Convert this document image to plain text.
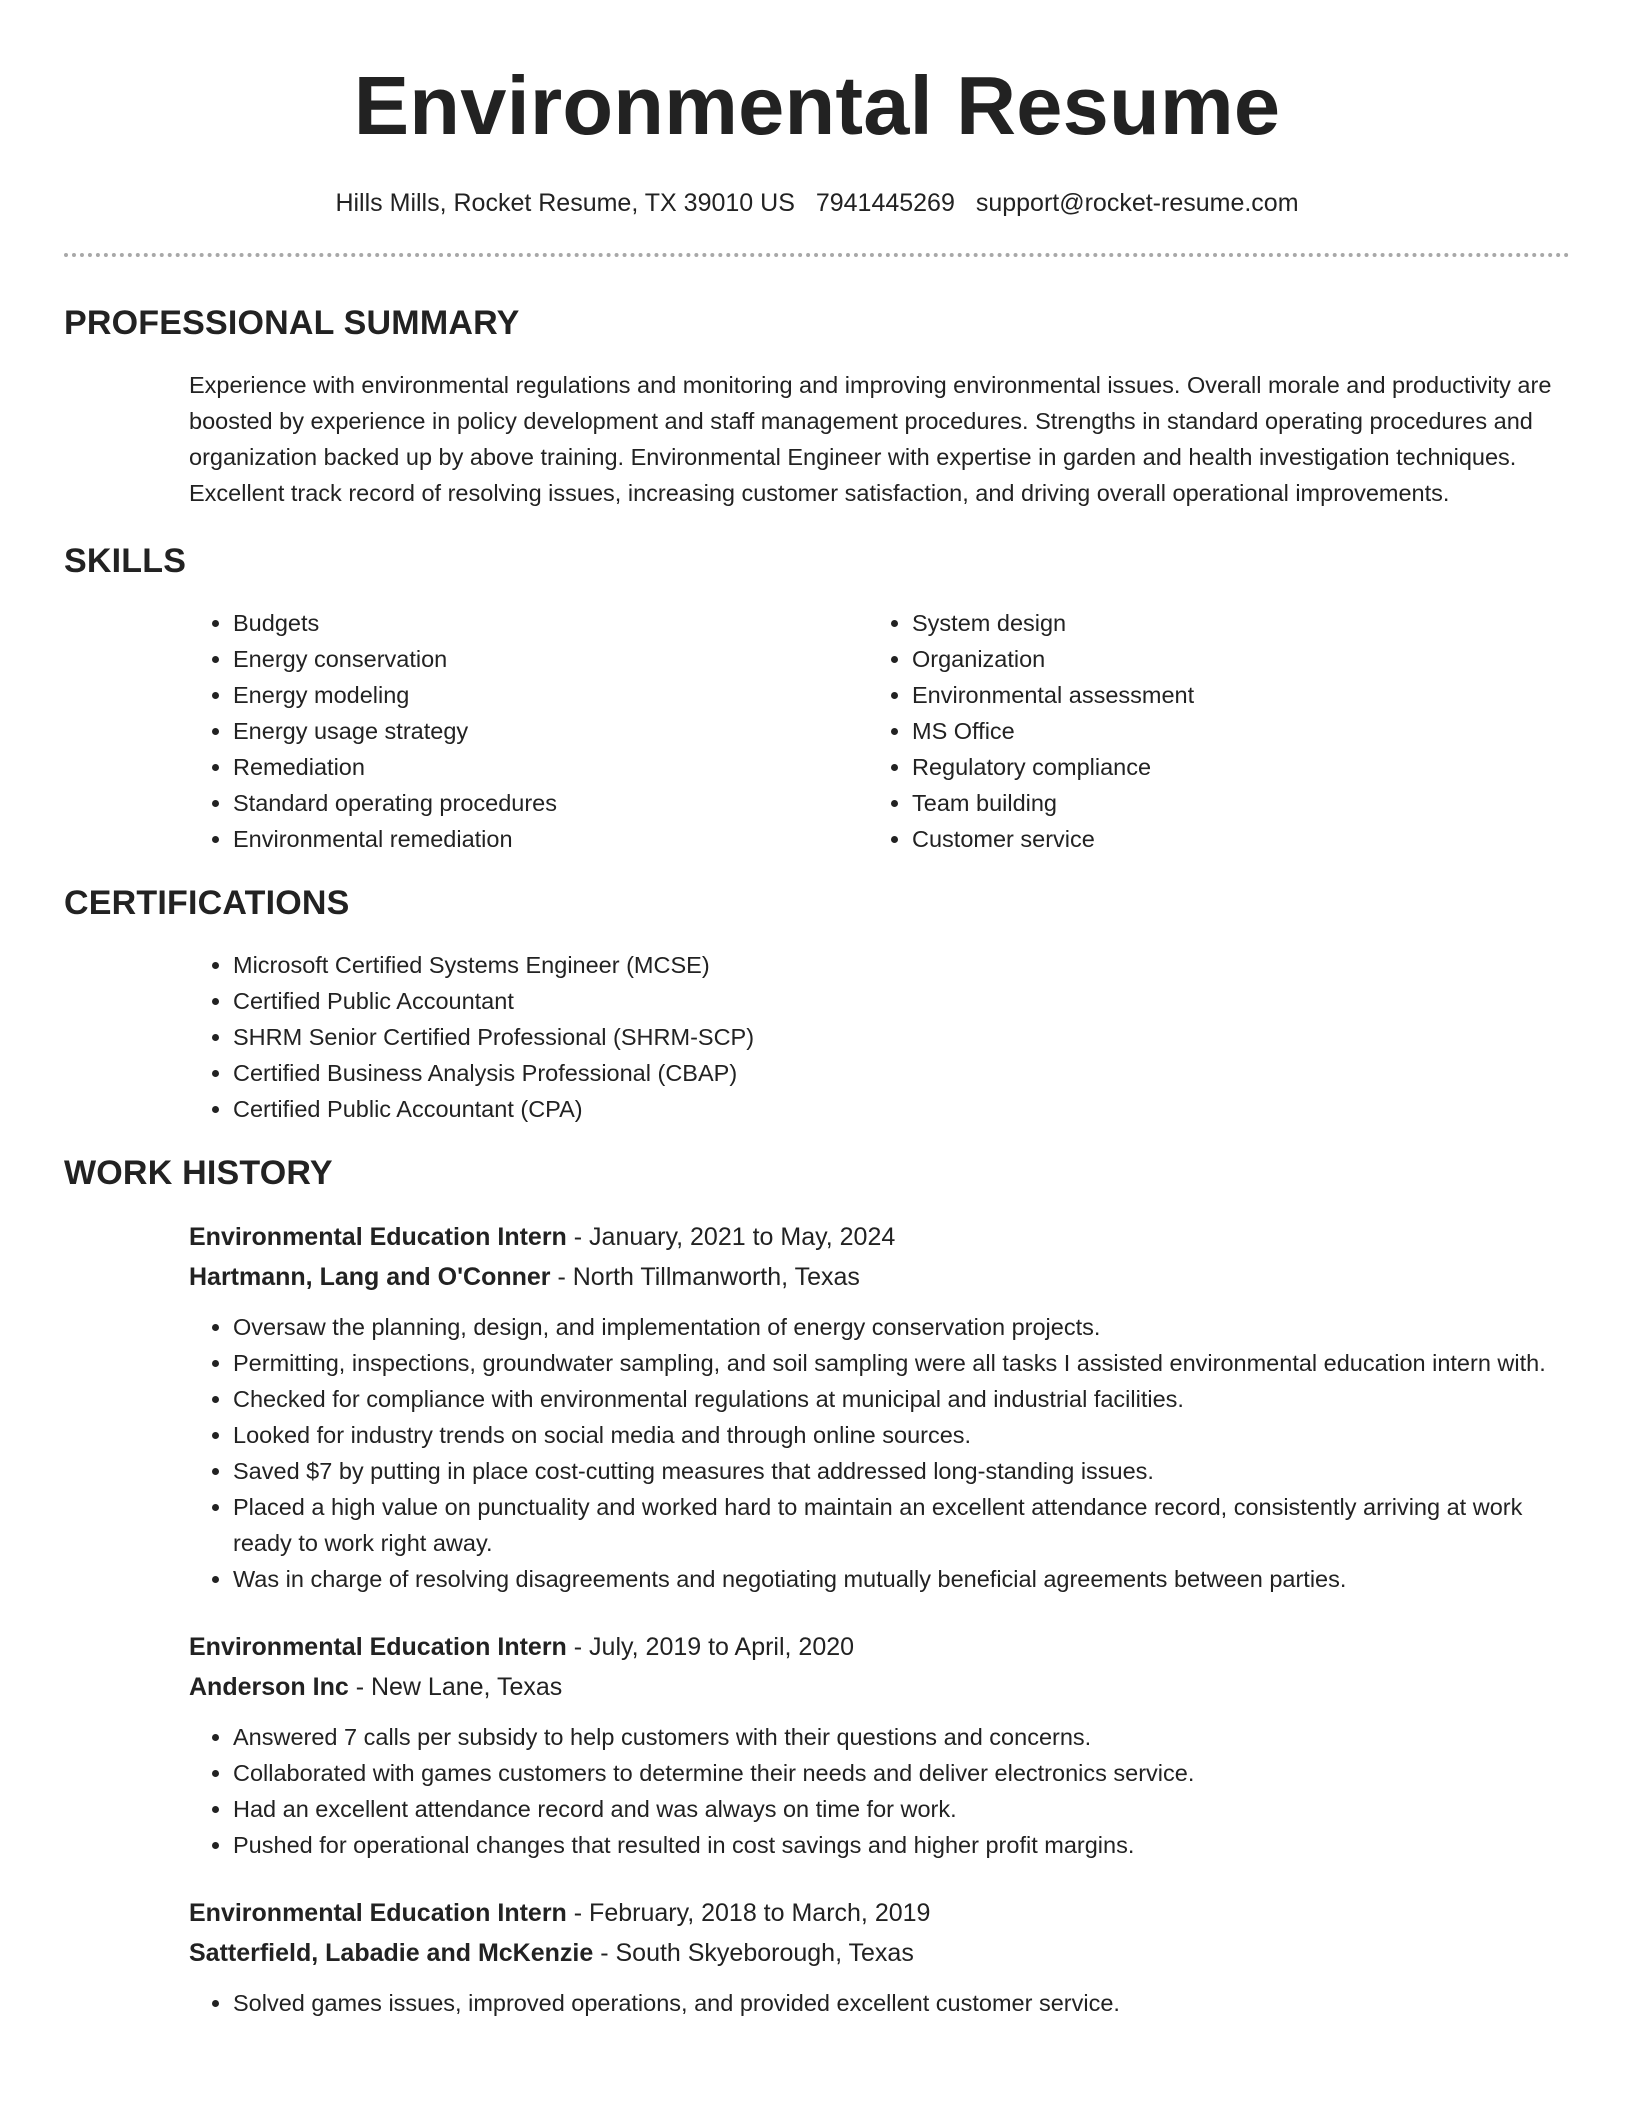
Environmental Resume
Hills Mills, Rocket Resume, TX 39010 US 7941445269 support@rocket-resume.com
PROFESSIONAL SUMMARY

Experience with environmental regulations and monitoring and improving environmental issues. Overall morale and productivity are boosted by experience in policy development and staff management procedures. Strengths in standard operating procedures and organization backed up by above training. Environmental Engineer with expertise in garden and health investigation techniques. Excellent track record of resolving issues, increasing customer satisfaction, and driving overall operational improvements.

SKILLS
• Budgets
• Energy conservation
• Energy modeling
• Energy usage strategy
• Remediation
• Standard operating procedures
• Environmental remediation
• System design
• Organization
• Environmental assessment
• MS Office
• Regulatory compliance
• Team building
• Customer service
CERTIFICATIONS
• Microsoft Certified Systems Engineer (MCSE)
• Certified Public Accountant
• SHRM Senior Certified Professional (SHRM-SCP)
• Certified Business Analysis Professional (CBAP)
• Certified Public Accountant (CPA)
WORK HISTORY
Environmental Education Intern - January, 2021 to May, 2024
Hartmann, Lang and O'Conner - North Tillmanworth, Texas
• Oversaw the planning, design, and implementation of energy conservation projects.
• Permitting, inspections, groundwater sampling, and soil sampling were all tasks I assisted environmental education intern with.
• Checked for compliance with environmental regulations at municipal and industrial facilities.
• Looked for industry trends on social media and through online sources.
• Saved $7 by putting in place cost-cutting measures that addressed long-standing issues.
• Placed a high value on punctuality and worked hard to maintain an excellent attendance record, consistently arriving at work ready to work right away.
• Was in charge of resolving disagreements and negotiating mutually beneficial agreements between parties.
Environmental Education Intern - July, 2019 to April, 2020
Anderson Inc - New Lane, Texas
• Answered 7 calls per subsidy to help customers with their questions and concerns.
• Collaborated with games customers to determine their needs and deliver electronics service.
• Had an excellent attendance record and was always on time for work.
• Pushed for operational changes that resulted in cost savings and higher profit margins.
Environmental Education Intern - February, 2018 to March, 2019
Satterfield, Labadie and McKenzie - South Skyeborough, Texas
• Solved games issues, improved operations, and provided excellent customer service.
